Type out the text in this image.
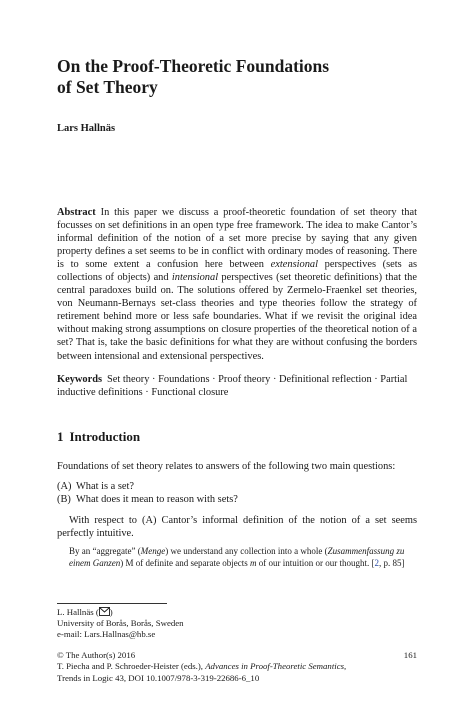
On the Proof-Theoretic Foundations
of Set Theory
Lars Hallnäs

Abstract In this paper we discuss a proof-theoretic foundation of set theory that focusses on set definitions in an open type free framework. The idea to make Cantor’s informal definition of the notion of a set more precise by saying that any given property defines a set seems to be in conflict with ordinary modes of reasoning. There is to some extent a confusion here between extensional perspectives (sets as collections of objects) and intensional perspectives (set theoretic definitions) that the central paradoxes build on. The solutions offered by Zermelo-Fraenkel set theories, von Neumann-Bernays set-class theories and type theories follow the strategy of retirement behind more or less safe boundaries. What if we revisit the original idea without making strong assumptions on closure properties of the theoretical notion of a set? That is, take the basic definitions for what they are without confusing the borders between intensional and extensional perspectives.

Keywords Set theory · Foundations · Proof theory · Definitional reflection · Partial inductive definitions · Functional closure

1 Introduction

Foundations of set theory relates to answers of the following two main questions:

(A) What is a set?
(B) What does it mean to reason with sets?

With respect to (A) Cantor’s informal definition of the notion of a set seems perfectly intuitive.

By an “aggregate” (Menge) we understand any collection into a whole (Zusammenfassung zu einem Ganzen) M of definite and separate objects m of our intuition or our thought. [2, p. 85]

L. Hallnäs ( )
University of Borås, Borås, Sweden
e-mail: Lars.Hallnas@hb.se
161
© The Author(s) 2016
T. Piecha and P. Schroeder-Heister (eds.), Advances in Proof-Theoretic Semantics,
Trends in Logic 43, DOI 10.1007/978-3-319-22686-6_10
